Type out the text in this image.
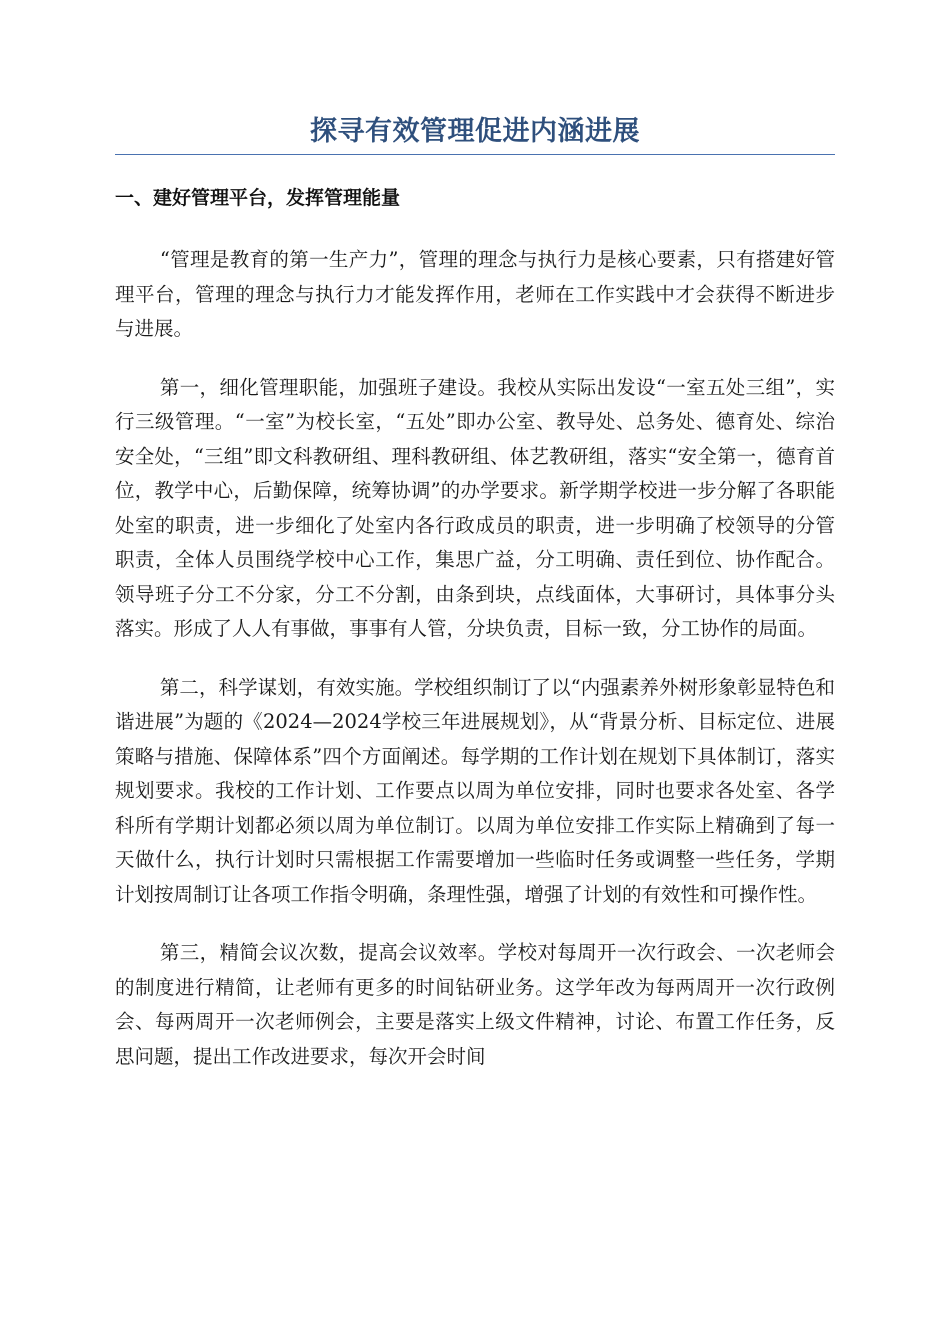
探寻有效管理促进内涵进展
一、建好管理平台，发挥管理能量

“管理是教育的第一生产力”，管理的理念与执行力是核心要素，只有搭建好管理平台，管理的理念与执行力才能发挥作用，老师在工作实践中才会获得不断进步与进展。

第一，细化管理职能，加强班子建设。我校从实际出发设“一室五处三组”，实行三级管理。“一室”为校长室，“五处”即办公室、教导处、总务处、德育处、综治安全处，“三组”即文科教研组、理科教研组、体艺教研组，落实“安全第一，德育首位，教学中心，后勤保障，统筹协调”的办学要求。新学期学校进一步分解了各职能处室的职责，进一步细化了处室内各行政成员的职责，进一步明确了校领导的分管职责，全体人员围绕学校中心工作，集思广益，分工明确、责任到位、协作配合。领导班子分工不分家，分工不分割，由条到块，点线面体，大事研讨，具体事分头落实。形成了人人有事做，事事有人管，分块负责，目标一致，分工协作的局面。

第二，科学谋划，有效实施。学校组织制订了以“内强素养外树形象彰显特色和谐进展”为题的《2024—2024学校三年进展规划》，从“背景分析、目标定位、进展策略与措施、保障体系”四个方面阐述。每学期的工作计划在规划下具体制订，落实规划要求。我校的工作计划、工作要点以周为单位安排，同时也要求各处室、各学科所有学期计划都必须以周为单位制订。以周为单位安排工作实际上精确到了每一天做什么，执行计划时只需根据工作需要增加一些临时任务或调整一些任务，学期计划按周制订让各项工作指令明确，条理性强，增强了计划的有效性和可操作性。

第三，精简会议次数，提高会议效率。学校对每周开一次行政会、一次老师会的制度进行精简，让老师有更多的时间钻研业务。这学年改为每两周开一次行政例会、每两周开一次老师例会，主要是落实上级文件精神，讨论、布置工作任务，反思问题，提出工作改进要求，每次开会时间
